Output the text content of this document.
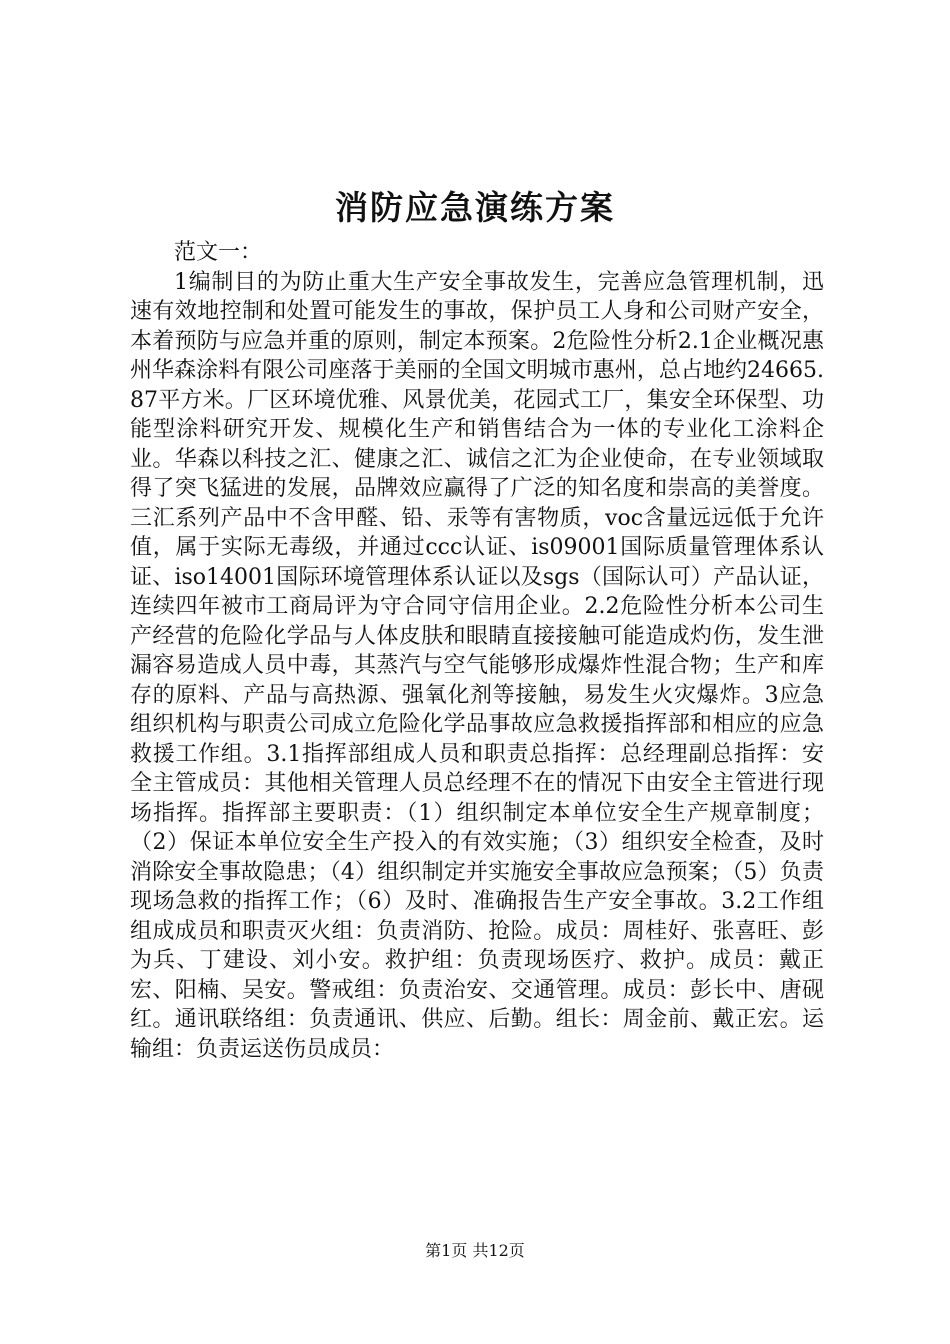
消防应急演练方案

范文一：

1编制目的为防止重大生产安全事故发生，完善应急管理机制，迅速有效地控制和处置可能发生的事故，保护员工人身和公司财产安全，本着预防与应急并重的原则，制定本预案。2危险性分析2.1企业概况惠州华森涂料有限公司座落于美丽的全国文明城市惠州，总占地约24665.87平方米。厂区环境优雅、风景优美，花园式工厂，集安全环保型、功能型涂料研究开发、规模化生产和销售结合为一体的专业化工涂料企业。华森以科技之汇、健康之汇、诚信之汇为企业使命，在专业领域取得了突飞猛进的发展，品牌效应赢得了广泛的知名度和崇高的美誉度。三汇系列产品中不含甲醛、铅、汞等有害物质，voc含量远远低于允许值，属于实际无毒级，并通过ccc认证、is09001国际质量管理体系认证、iso14001国际环境管理体系认证以及sgs（国际认可）产品认证，连续四年被市工商局评为守合同守信用企业。2.2危险性分析本公司生产经营的危险化学品与人体皮肤和眼睛直接接触可能造成灼伤，发生泄漏容易造成人员中毒，其蒸汽与空气能够形成爆炸性混合物；生产和库存的原料、产品与高热源、强氧化剂等接触，易发生火灾爆炸。3应急组织机构与职责公司成立危险化学品事故应急救援指挥部和相应的应急救援工作组。3.1指挥部组成人员和职责总指挥：总经理副总指挥：安全主管成员：其他相关管理人员总经理不在的情况下由安全主管进行现场指挥。指挥部主要职责：（1）组织制定本单位安全生产规章制度；（2）保证本单位安全生产投入的有效实施；（3）组织安全检查，及时消除安全事故隐患；（4）组织制定并实施安全事故应急预案；（5）负责现场急救的指挥工作；（6）及时、准确报告生产安全事故。3.2工作组组成成员和职责灭火组：负责消防、抢险。成员：周桂好、张喜旺、彭为兵、丁建设、刘小安。救护组：负责现场医疗、救护。成员：戴正宏、阳楠、吴安。警戒组：负责治安、交通管理。成员：彭长中、唐砚红。通讯联络组：负责通讯、供应、后勤。组长：周金前、戴正宏。运输组：负责运送伤员成员：

第1页 共12页
